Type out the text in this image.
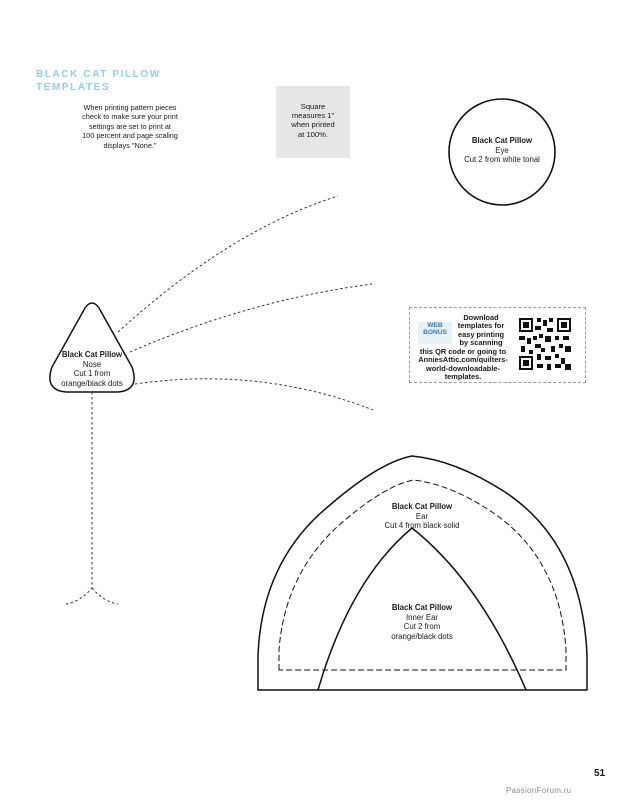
BLACK CAT PILLOW
TEMPLATES
When printing pattern pieces
check to make sure your print
settings are set to print at
100 percent and page scaling
displays "None."
Square
measures 1"
when printed
at 100%.
Black Cat Pillow
Eye
Cut 2 from white tonal
Black Cat Pillow
Nose
Cut 1 from
orange/black dots
WEB
BONUS
Download
templates for
easy printing
by scanning
this QR code or going to
AnniesAttic.com/quilters-
world-downloadable-
templates.
Black Cat Pillow
Ear
Cut 4 from black solid
Black Cat Pillow
Inner Ear
Cut 2 from
orange/black dots
51
PassionForum.ru
